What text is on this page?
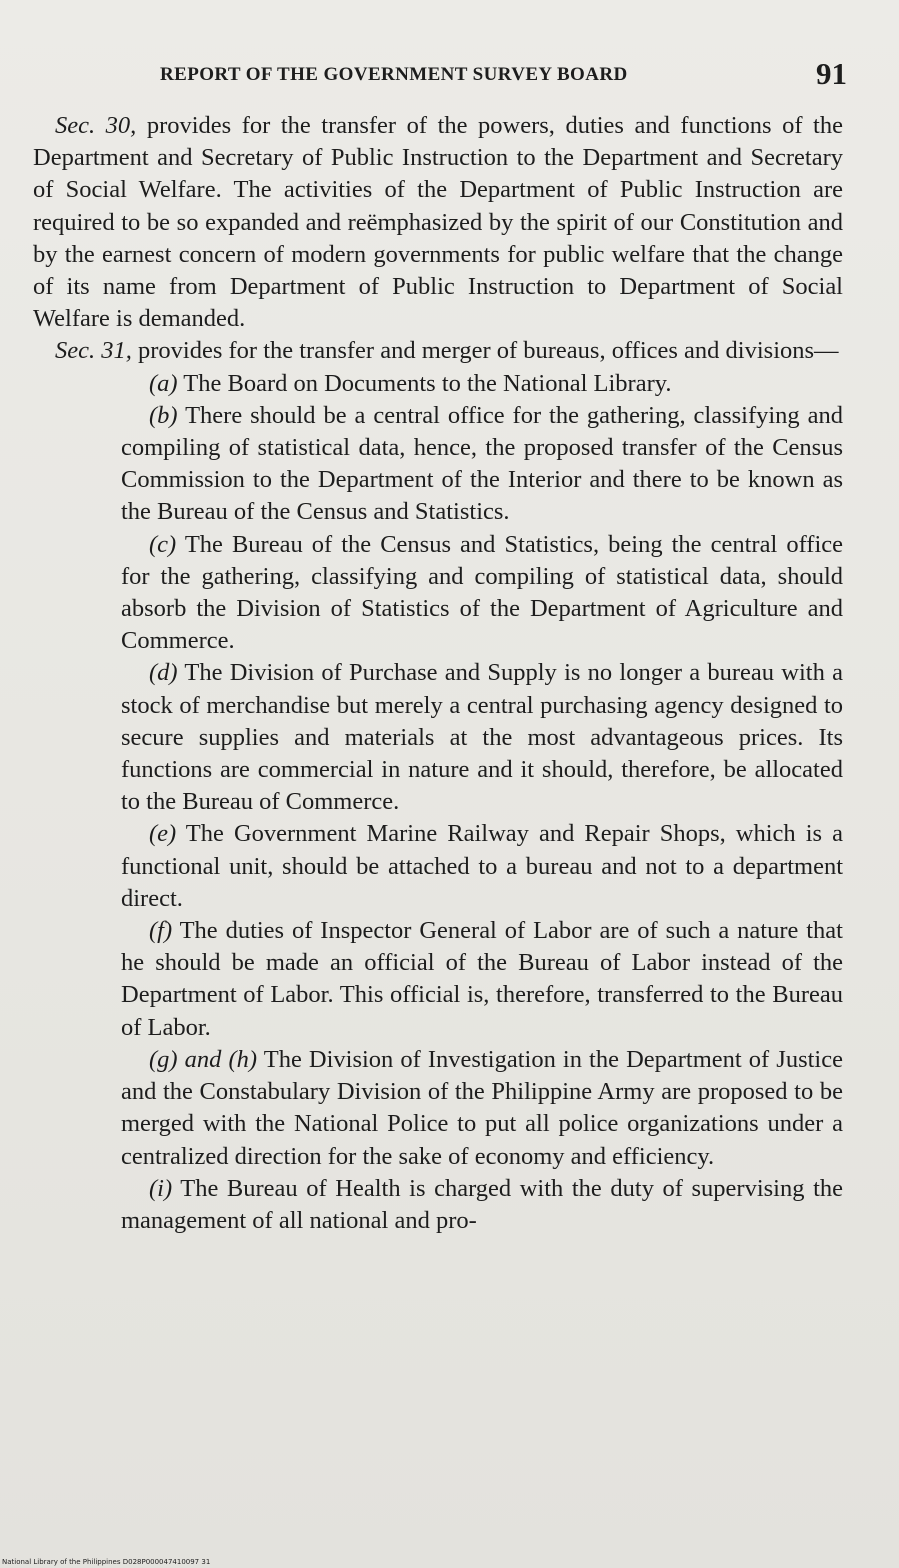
REPORT OF THE GOVERNMENT SURVEY BOARD	91

Sec. 30, provides for the transfer of the powers, duties and functions of the Department and Secretary of Public Instruction to the Department and Secretary of Social Welfare. The activities of the Department of Public Instruction are required to be so expanded and reëmphasized by the spirit of our Constitution and by the earnest concern of modern governments for public welfare that the change of its name from Department of Public Instruction to Department of Social Welfare is demanded.

Sec. 31, provides for the transfer and merger of bureaus, offices and divisions—

(a) The Board on Documents to the National Library.

(b) There should be a central office for the gathering, classifying and compiling of statistical data, hence, the proposed transfer of the Census Commission to the Department of the Interior and there to be known as the Bureau of the Census and Statistics.

(c) The Bureau of the Census and Statistics, being the central office for the gathering, classifying and compiling of statistical data, should absorb the Division of Statistics of the Department of Agriculture and Commerce.

(d) The Division of Purchase and Supply is no longer a bureau with a stock of merchandise but merely a central purchasing agency designed to secure supplies and materials at the most advantageous prices. Its functions are commercial in nature and it should, therefore, be allocated to the Bureau of Commerce.

(e) The Government Marine Railway and Repair Shops, which is a functional unit, should be attached to a bureau and not to a department direct.

(f) The duties of Inspector General of Labor are of such a nature that he should be made an official of the Bureau of Labor instead of the Department of Labor. This official is, therefore, transferred to the Bureau of Labor.

(g) and (h) The Division of Investigation in the Department of Justice and the Constabulary Division of the Philippine Army are proposed to be merged with the National Police to put all police organizations under a centralized direction for the sake of economy and efficiency.

(i) The Bureau of Health is charged with the duty of supervising the management of all national and pro-

National Library of the Philippines D028P000047410097 31
